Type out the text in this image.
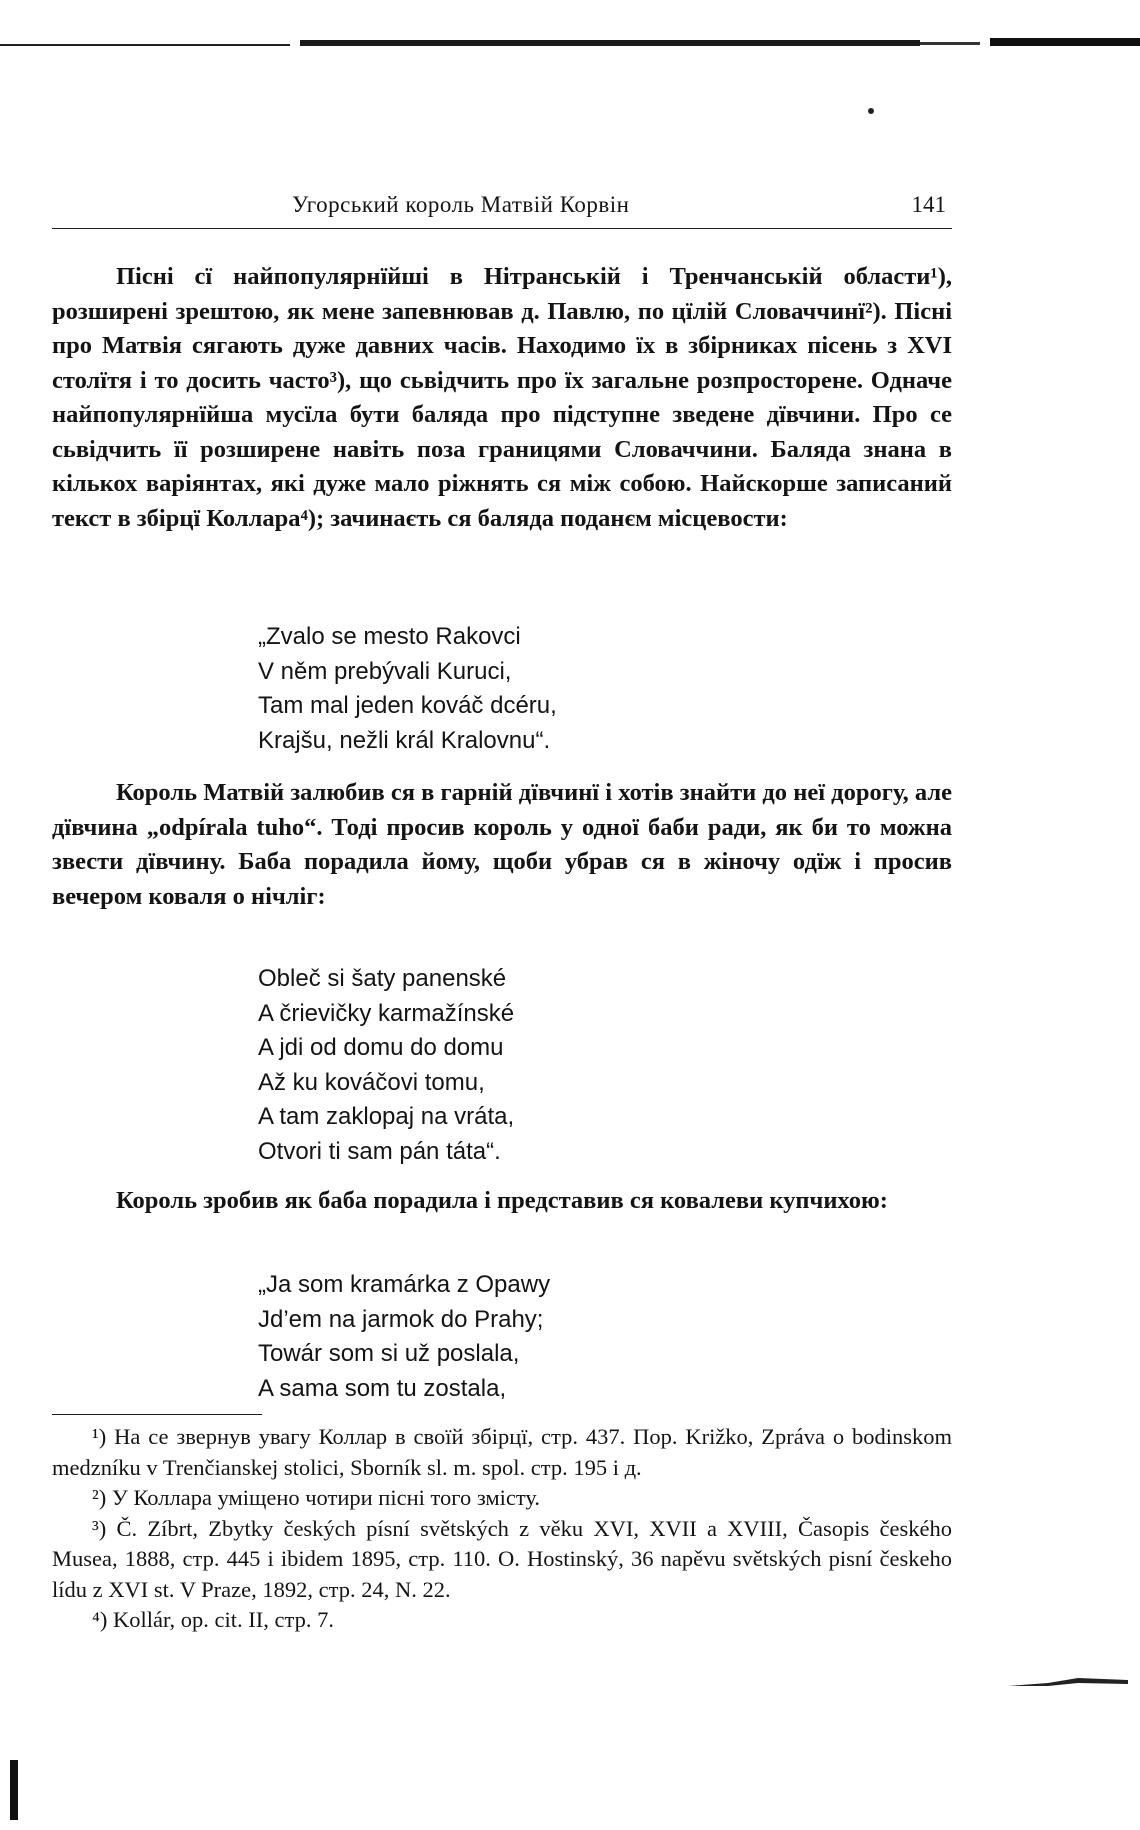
Угорський король Матвій Корвін	141

Пісні сї найпопулярнїйші в Нітранській і Тренчанській области¹), розширені зрештою, як мене запевнював д. Павлю, по цїлій Словаччинї²). Пісні про Матвія сягають дуже давних часів. Находимо їх в збірниках пісень з XVI столїтя і то досить часто³), що сьвідчить про їх загальне розпросторене. Одначе найпопулярнїйша мусїла бути баляда про підступне зведене дївчини. Про се сьвідчить її розширене навіть поза границями Словаччини. Баляда знана в кількох варіянтах, які дуже мало ріжнять ся між собою. Найскорше записаний текст в збірцї Коллара⁴); зачинаєть ся баляда поданєм місцевости:

„Zvalo se mesto Rakovci
V něm prebývali Kuruci,
Tam mal jeden kováč dcéru,
Krajšu, nežli král Kralovnu“.

Король Матвій залюбив ся в гарній дївчинї і хотів знайти до неї дорогу, але дївчина „odpírala tuho“. Тоді просив король у одної баби ради, як би то можна звести дївчину. Баба порадила йому, щоби убрав ся в жіночу одїж і просив вечером коваля о нічліг:

Obleč si šaty panenské
A črievičky karmažínské
A jdi od domu do domu
Až ku kováčovi tomu,
A tam zaklopaj na vráta,
Otvori ti sam pán táta“.

Король зробив як баба порадила і представив ся ковалеви купчихою:

„Ja som kramárka z Opawy
Jd’em na jarmok do Prahy;
Towár som si už poslala,
A sama som tu zostala,

¹) На се звернув увагу Коллар в своїй збірцї, стр. 437. Пор. Križko, Zpráva o bodinskom medzníku v Trenčianskej stolici, Sborník sl. m. spol. стр. 195 і д.

²) У Коллара уміщено чотири пісні того змісту.

³) Č. Zíbrt, Zbytky českých písní světských z věku XVI, XVII a XVIII, Časopis českého Musea, 1888, стр. 445 і ibidem 1895, стр. 110. O. Hostinský, 36 napěvu světských pisní českeho lídu z XVI st. V Praze, 1892, стр. 24, N. 22.

⁴) Kollár, op. cit. II, стр. 7.
